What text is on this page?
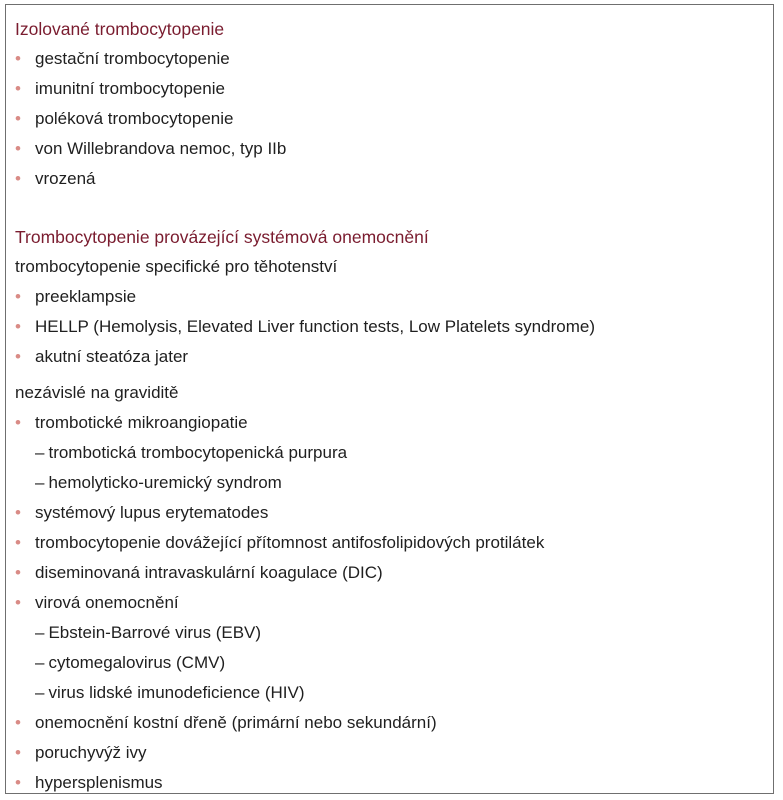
Izolované trombocytopenie
• gestační trombocytopenie
• imunitní trombocytopenie
• poléková trombocytopenie
• von Willebrandova nemoc, typ IIb
• vrozená
Trombocytopenie provázející systémová onemocnění
trombocytopenie specifické pro těhotenství
• preeklampsie
• HELLP (Hemolysis, Elevated Liver function tests, Low Platelets syndrome)
• akutní steatóza jater
nezávislé na graviditě
• trombotické mikroangiopatie
– trombotická trombocytopenická purpura
– hemolyticko-uremický syndrom
• systémový lupus erytematodes
• trombocytopenie dovážející přítomnost antifosfolipidových protilátek
• diseminovaná intravaskulární koagulace (DIC)
• virová onemocnění
– Ebstein-Barrové virus (EBV)
– cytomegalovirus (CMV)
– virus lidské imunodeficience (HIV)
• onemocnění kostní dřeně (primární nebo sekundární)
• poruchyvýž ivy
• hypersplenismus
